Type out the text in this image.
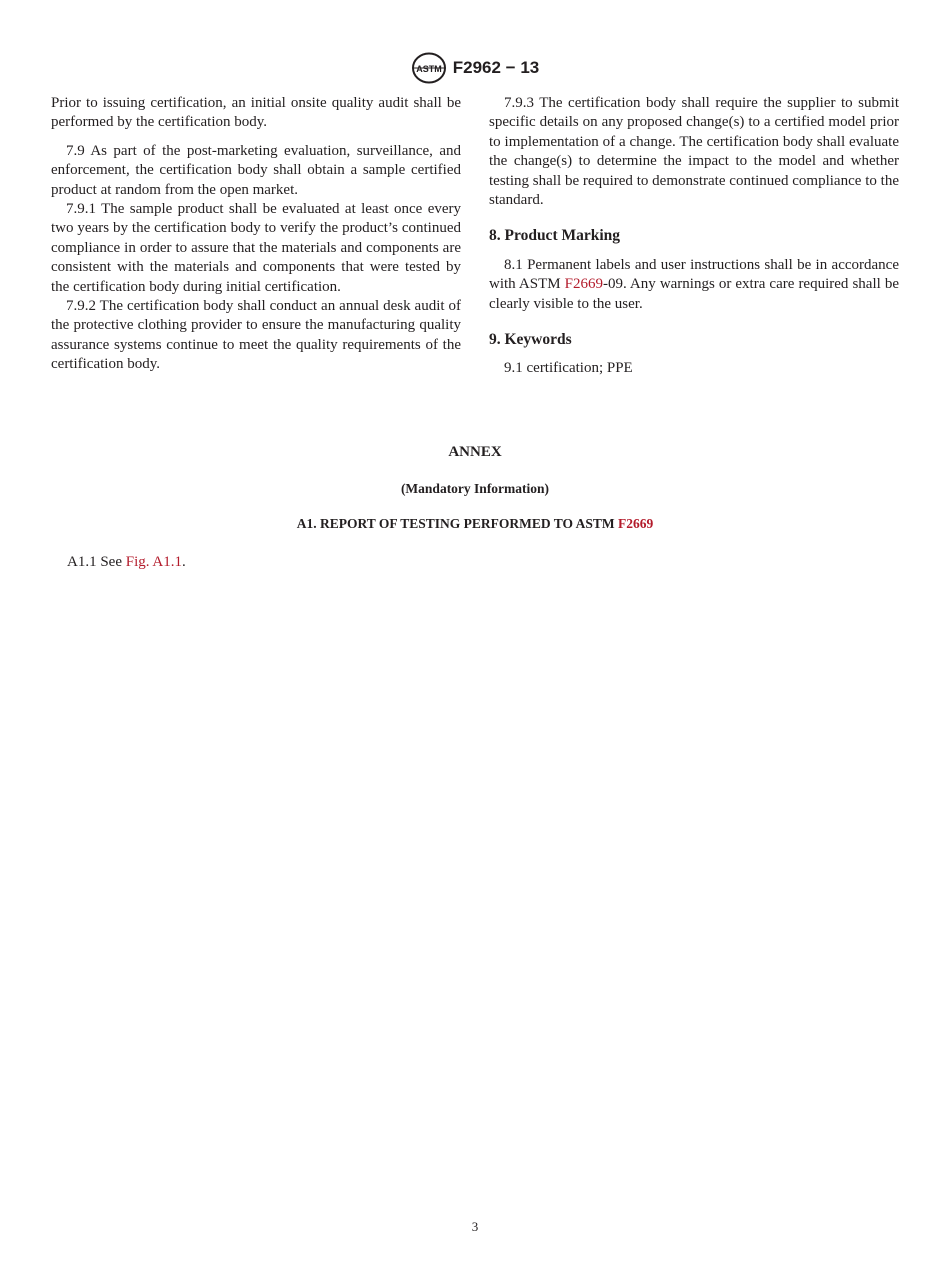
ASTM F2962 − 13

Prior to issuing certification, an initial onsite quality audit shall be performed by the certification body.

7.9 As part of the post-marketing evaluation, surveillance, and enforcement, the certification body shall obtain a sample certified product at random from the open market.

7.9.1 The sample product shall be evaluated at least once every two years by the certification body to verify the product’s continued compliance in order to assure that the materials and components are consistent with the materials and components that were tested by the certification body during initial certification.

7.9.2 The certification body shall conduct an annual desk audit of the protective clothing provider to ensure the manufacturing quality assurance systems continue to meet the quality requirements of the certification body.

7.9.3 The certification body shall require the supplier to submit specific details on any proposed change(s) to a certified model prior to implementation of a change. The certification body shall evaluate the change(s) to determine the impact to the model and whether testing shall be required to demonstrate continued compliance to the standard.

8. Product Marking

8.1 Permanent labels and user instructions shall be in accordance with ASTM F2669-09. Any warnings or extra care required shall be clearly visible to the user.

9. Keywords

9.1 certification; PPE

ANNEX
(Mandatory Information)
A1. REPORT OF TESTING PERFORMED TO ASTM F2669
A1.1 See Fig. A1.1.
3
